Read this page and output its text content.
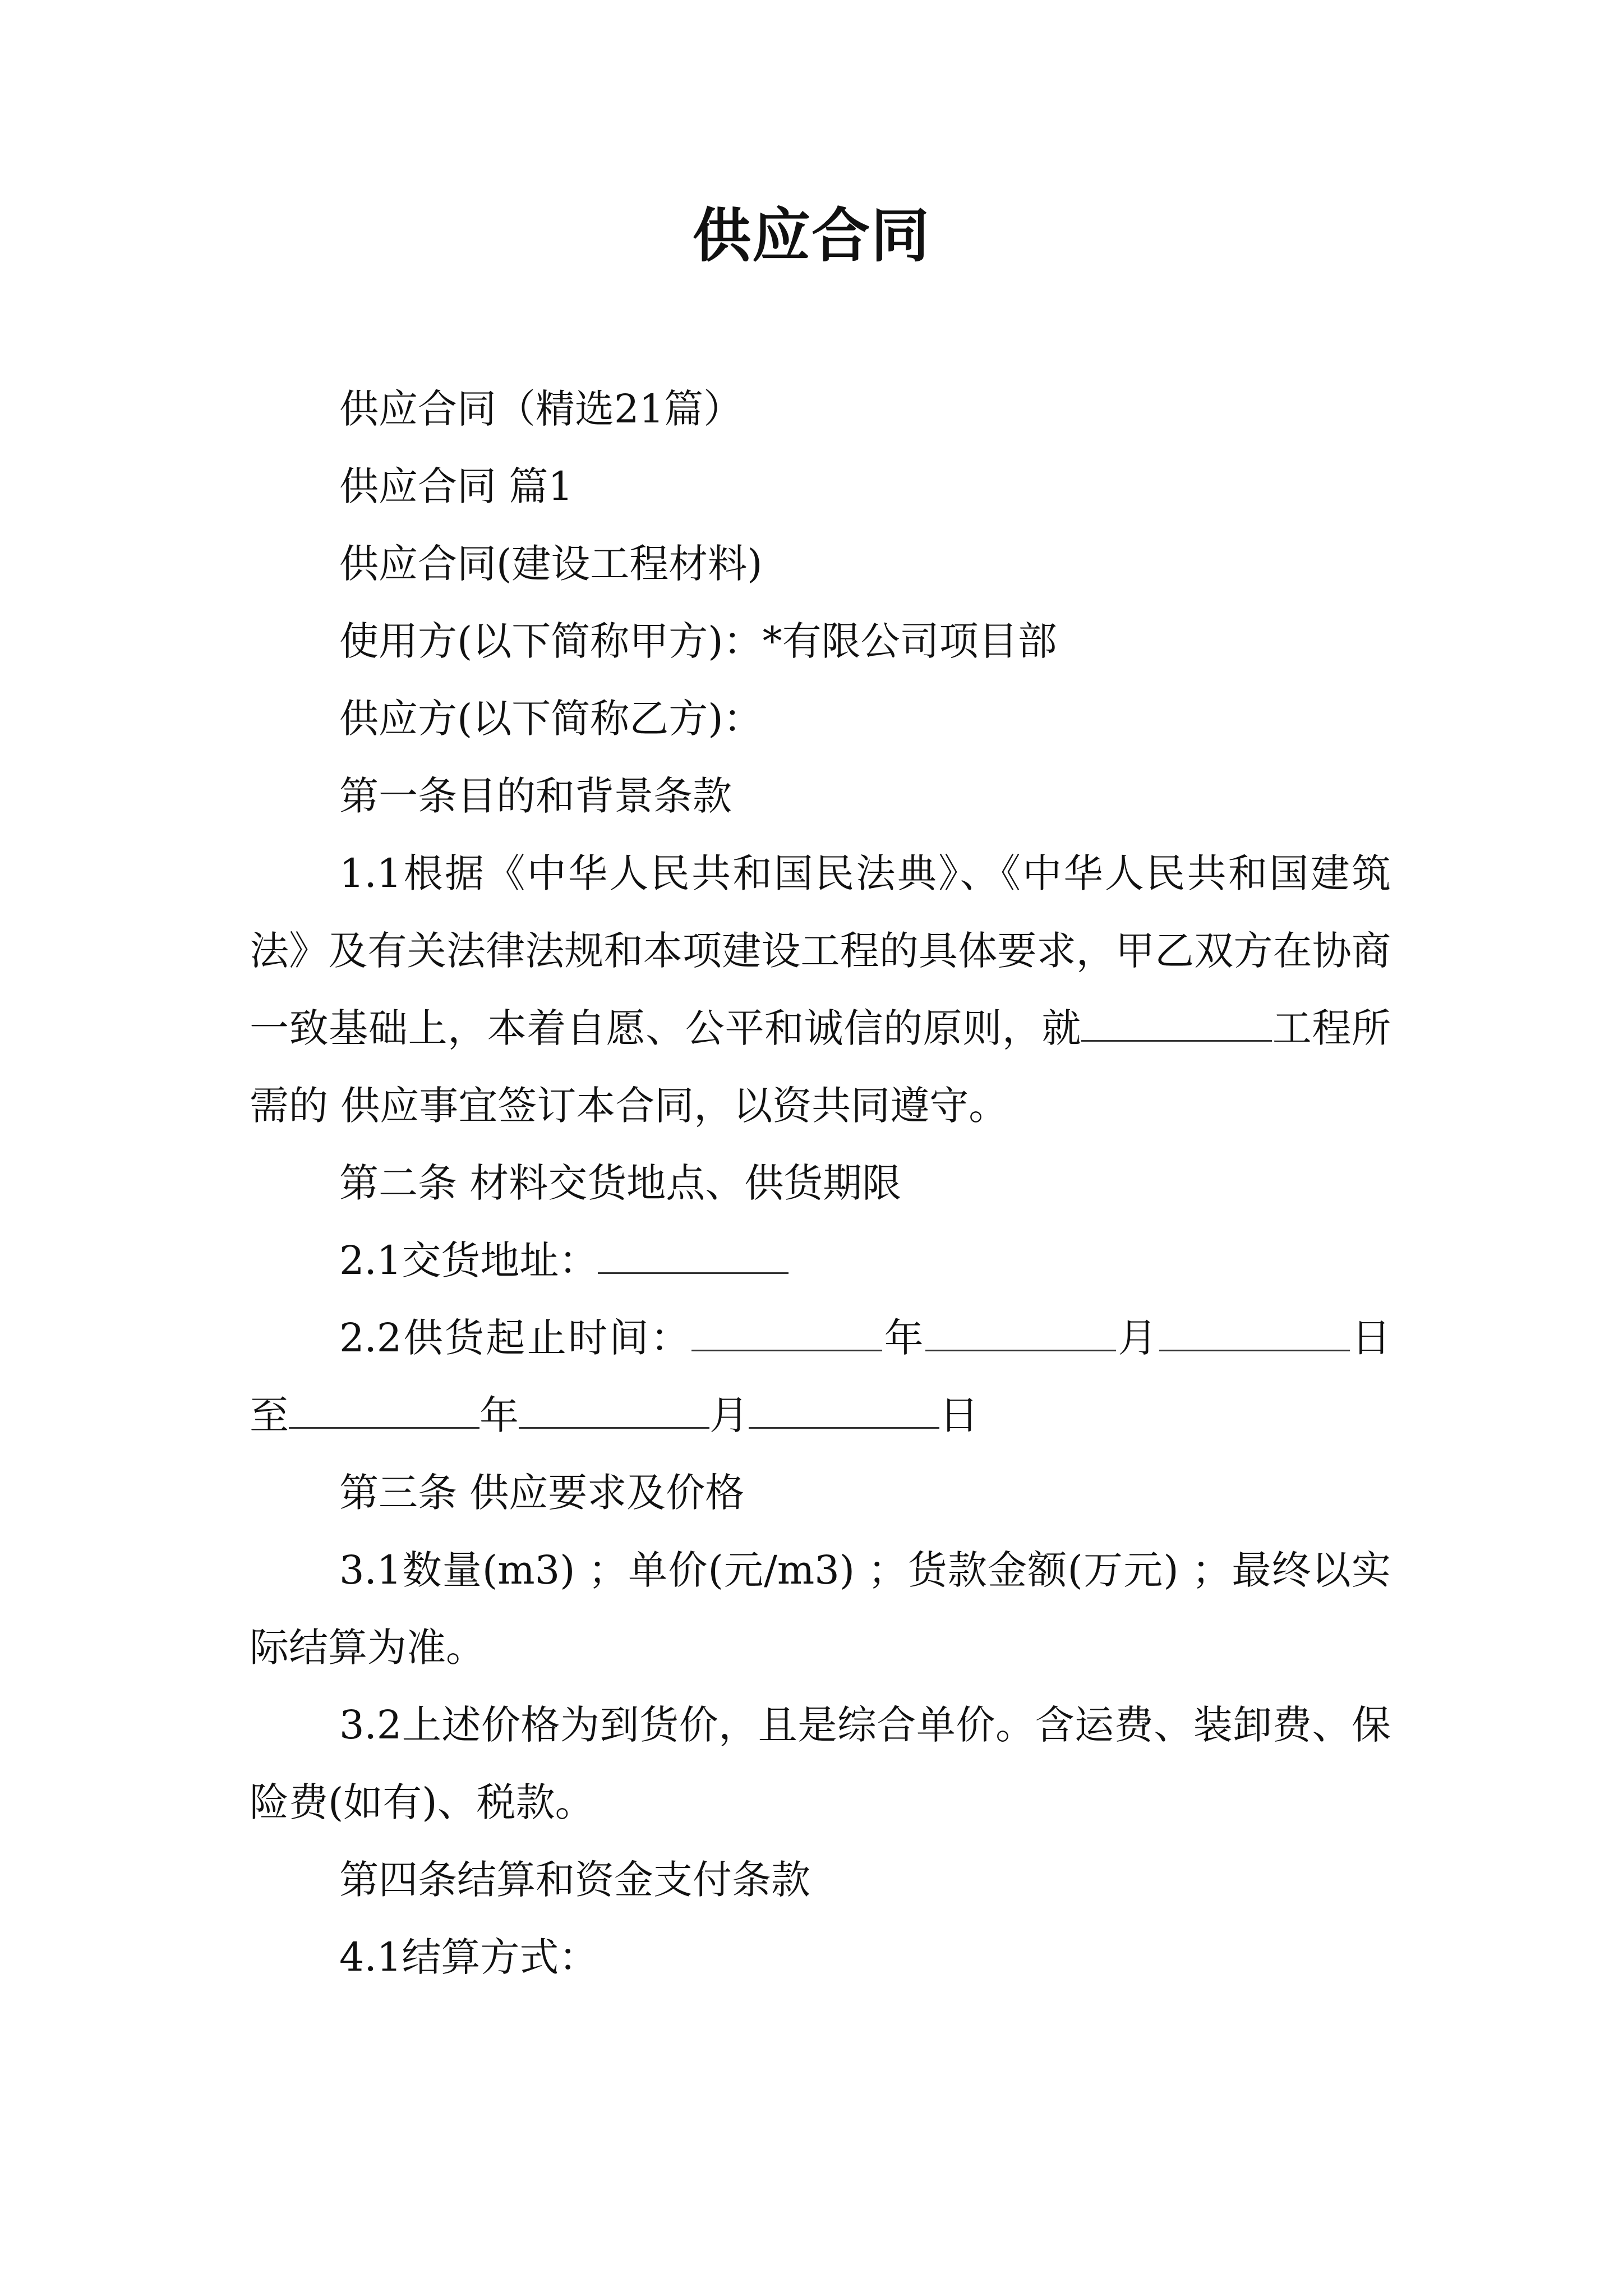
供应合同

供应合同（精选21篇）

供应合同 篇1

供应合同(建设工程材料)

使用方(以下简称甲方)：*有限公司项目部

供应方(以下简称乙方)：

第一条目的和背景条款

1.1根据《中华人民共和国民法典》、《中华人民共和国建筑法》及有关法律法规和本项建设工程的具体要求，甲乙双方在协商一致基础上，本着自愿、公平和诚信的原则，就	工程所需的 供应事宜签订本合同，以资共同遵守。

第二条 材料交货地点、供货期限

2.1交货地址：

2.2供货起止时间：	年	月	日至	年	月	日

第三条 供应要求及价格

3.1数量(m3) ；单价(元/m3) ；货款金额(万元) ；最终以实际结算为准。

3.2上述价格为到货价，且是综合单价。含运费、装卸费、保险费(如有)、税款。

第四条结算和资金支付条款

4.1结算方式：
